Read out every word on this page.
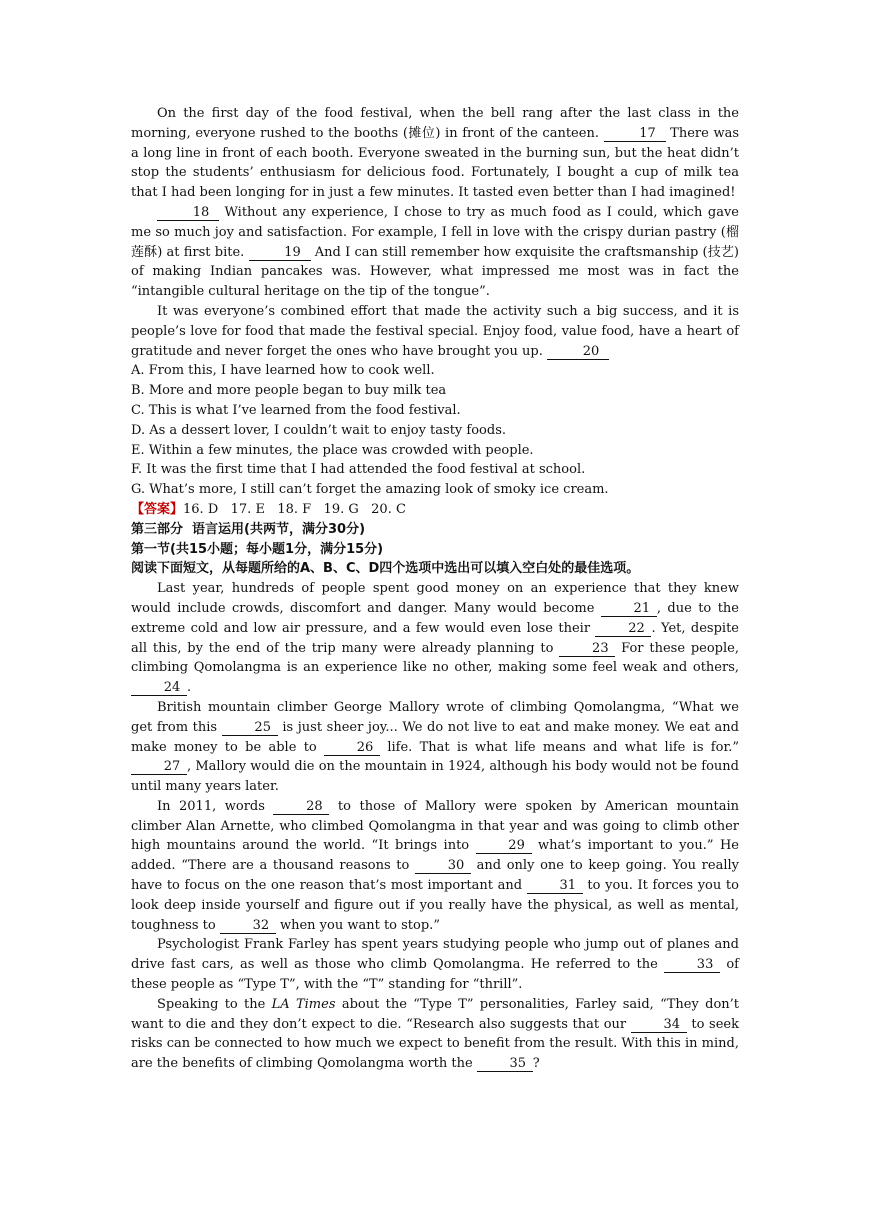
On the first day of the food festival, when the bell rang after the last class in the morning, everyone rushed to the booths (摊位) in front of the canteen.	17 There was a long line in front of each booth. Everyone sweated in the burning sun, but the heat didn’t stop the students’ enthusiasm for delicious food. Fortunately, I bought a cup of milk tea that I had been longing for in just a few minutes. It tasted even better than I had imagined!

18 Without any experience, I chose to try as much food as I could, which gave me so much joy and satisfaction. For example, I fell in love with the crispy durian pastry (榴莲酥) at first bite.	19 And I can still remember how exquisite the craftsmanship (技艺) of making Indian pancakes was. However, what impressed me most was in fact the “intangible cultural heritage on the tip of the tongue”.

It was everyone’s combined effort that made the activity such a big success, and it is people’s love for food that made the festival special. Enjoy food, value food, have a heart of gratitude and never forget the ones who have brought you up.	20

A. From this, I have learned how to cook well.

B. More and more people began to buy milk tea

C. This is what I’ve learned from the food festival.

D. As a dessert lover, I couldn’t wait to enjoy tasty foods.

E. Within a few minutes, the place was crowded with people.

F. It was the first time that I had attended the food festival at school.

G. What’s more, I still can’t forget the amazing look of smoky ice cream.

【答案】16. D   17. E   18. F   19. G   20. C

第三部分  语言运用(共两节，满分30分)

第一节(共15小题；每小题1分，满分15分)

阅读下面短文，从每题所给的A、B、C、D四个选项中选出可以填入空白处的最佳选项。

Last year, hundreds of people spent good money on an experience that they knew would include crowds, discomfort and danger. Many would become	21 , due to the extreme cold and low air pressure, and a few would even lose their	22 . Yet, despite all this, by the end of the trip many were already planning to	23 For these people, climbing Qomolangma is an experience like no other, making some feel weak and others, 24 .

British mountain climber George Mallory wrote of climbing Qomolangma, “What we get from this	25 is just sheer joy... We do not live to eat and make money. We eat and make money to be able to	26 life. That is what life means and what life is for.” 27 , Mallory would die on the mountain in 1924, although his body would not be found until many years later.

In 2011, words	28 to those of Mallory were spoken by American mountain climber Alan Arnette, who climbed Qomolangma in that year and was going to climb other high mountains around the world. “It brings into	29 what’s important to you.” He added. “There are a thousand reasons to	30 and only one to keep going. You really have to focus on the one reason that’s most important and	31 to you. It forces you to look deep inside yourself and figure out if you really have the physical, as well as mental, toughness to	32 when you want to stop.”

Psychologist Frank Farley has spent years studying people who jump out of planes and drive fast cars, as well as those who climb Qomolangma. He referred to the	33 of these people as “Type T”, with the “T” standing for “thrill”.

Speaking to the LA Times about the “Type T” personalities, Farley said, “They don’t want to die and they don’t expect to die. “Research also suggests that our	34 to seek risks can be connected to how much we expect to benefit from the result. With this in mind, are the benefits of climbing Qomolangma worth the	35 ?
